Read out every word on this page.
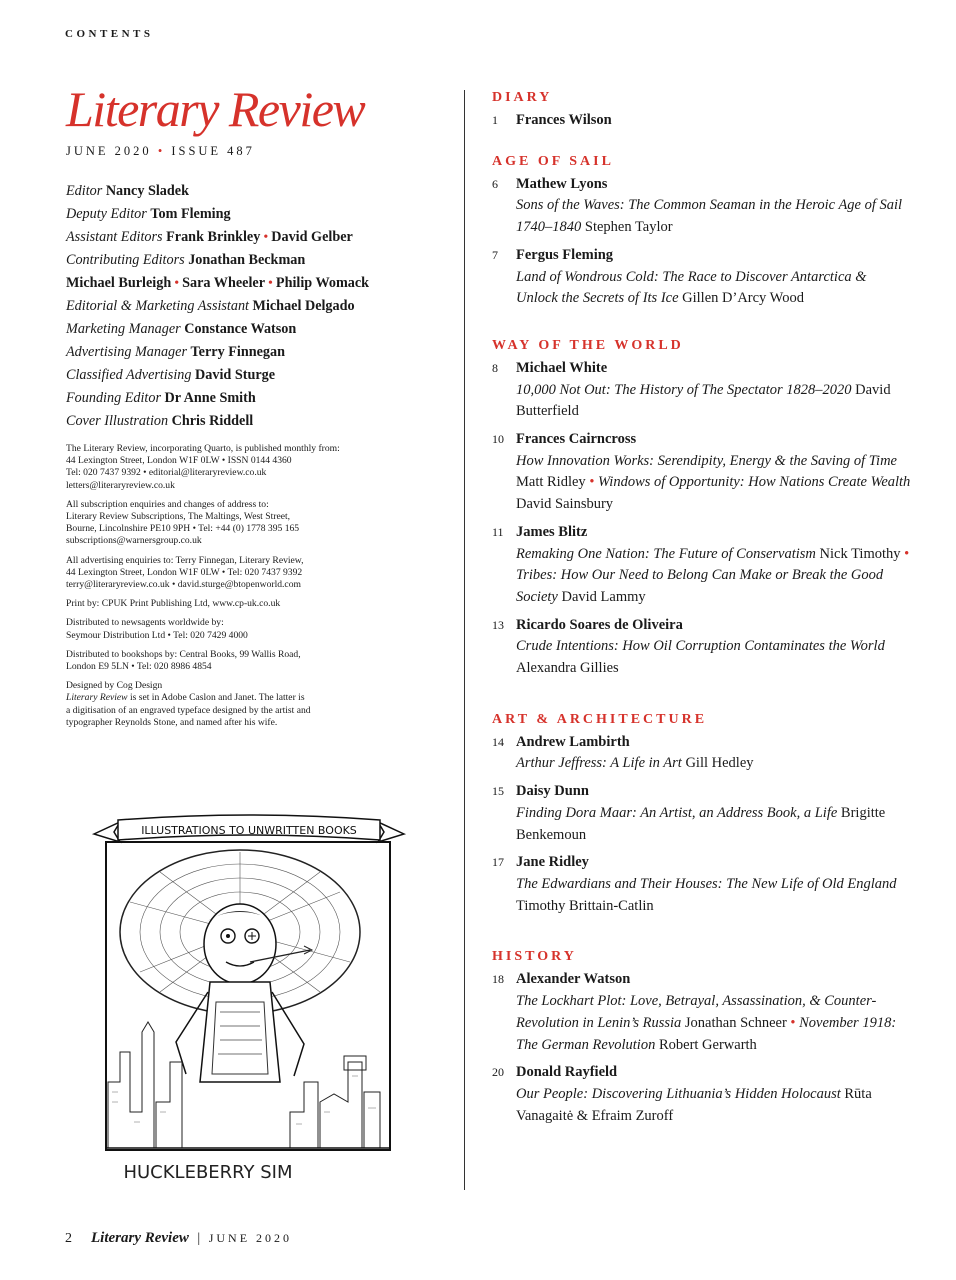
CONTENTS
Literary Review
JUNE 2020 • ISSUE 487
Editor Nancy Sladek
Deputy Editor Tom Fleming
Assistant Editors Frank Brinkley • David Gelber
Contributing Editors Jonathan Beckman
Michael Burleigh • Sara Wheeler • Philip Womack
Editorial & Marketing Assistant Michael Delgado
Marketing Manager Constance Watson
Advertising Manager Terry Finnegan
Classified Advertising David Sturge
Founding Editor Dr Anne Smith
Cover Illustration Chris Riddell

The Literary Review, incorporating Quarto, is published monthly from:
44 Lexington Street, London W1F 0LW • ISSN 0144 4360
Tel: 020 7437 9392 • editorial@literaryreview.co.uk
letters@literaryreview.co.uk

All subscription enquiries and changes of address to:
Literary Review Subscriptions, The Maltings, West Street,
Bourne, Lincolnshire PE10 9PH • Tel: +44 (0) 1778 395 165
subscriptions@warnersgroup.co.uk

All advertising enquiries to: Terry Finnegan, Literary Review,
44 Lexington Street, London W1F 0LW • Tel: 020 7437 9392
terry@literaryreview.co.uk • david.sturge@btopenworld.com

Print by: CPUK Print Publishing Ltd, www.cp-uk.co.uk

Distributed to newsagents worldwide by:
Seymour Distribution Ltd • Tel: 020 7429 4000

Distributed to bookshops by: Central Books, 99 Wallis Road,
London E9 5LN • Tel: 020 8986 4854

Designed by Cog Design
Literary Review is set in Adobe Caslon and Janet. The latter is
a digitisation of an engraved typeface designed by the artist and
typographer Reynolds Stone, and named after his wife.

ILLUSTRATIONS TO UNWRITTEN BOOKS
HUCKLEBERRY SIM
DIARY
1 Frances Wilson
AGE OF SAIL
6 Mathew Lyons
Sons of the Waves: The Common Seaman in the Heroic Age of Sail 1740–1840 Stephen Taylor
7 Fergus Fleming
Land of Wondrous Cold: The Race to Discover Antarctica & Unlock the Secrets of Its Ice Gillen D’Arcy Wood
WAY OF THE WORLD
8 Michael White
10,000 Not Out: The History of The Spectator 1828–2020 David Butterfield
10 Frances Cairncross
How Innovation Works: Serendipity, Energy & the Saving of Time Matt Ridley • Windows of Opportunity: How Nations Create Wealth David Sainsbury
11 James Blitz
Remaking One Nation: The Future of Conservatism Nick Timothy • Tribes: How Our Need to Belong Can Make or Break the Good Society David Lammy
13 Ricardo Soares de Oliveira
Crude Intentions: How Oil Corruption Contaminates the World Alexandra Gillies
ART & ARCHITECTURE
14 Andrew Lambirth
Arthur Jeffress: A Life in Art Gill Hedley
15 Daisy Dunn
Finding Dora Maar: An Artist, an Address Book, a Life Brigitte Benkemoun
17 Jane Ridley
The Edwardians and Their Houses: The New Life of Old England Timothy Brittain-Catlin
HISTORY
18 Alexander Watson
The Lockhart Plot: Love, Betrayal, Assassination, & Counter-Revolution in Lenin’s Russia Jonathan Schneer • November 1918: The German Revolution Robert Gerwarth
20 Donald Rayfield
Our People: Discovering Lithuania’s Hidden Holocaust Rūta Vanagaitė & Efraim Zuroff
2 Literary Review | JUNE 2020
